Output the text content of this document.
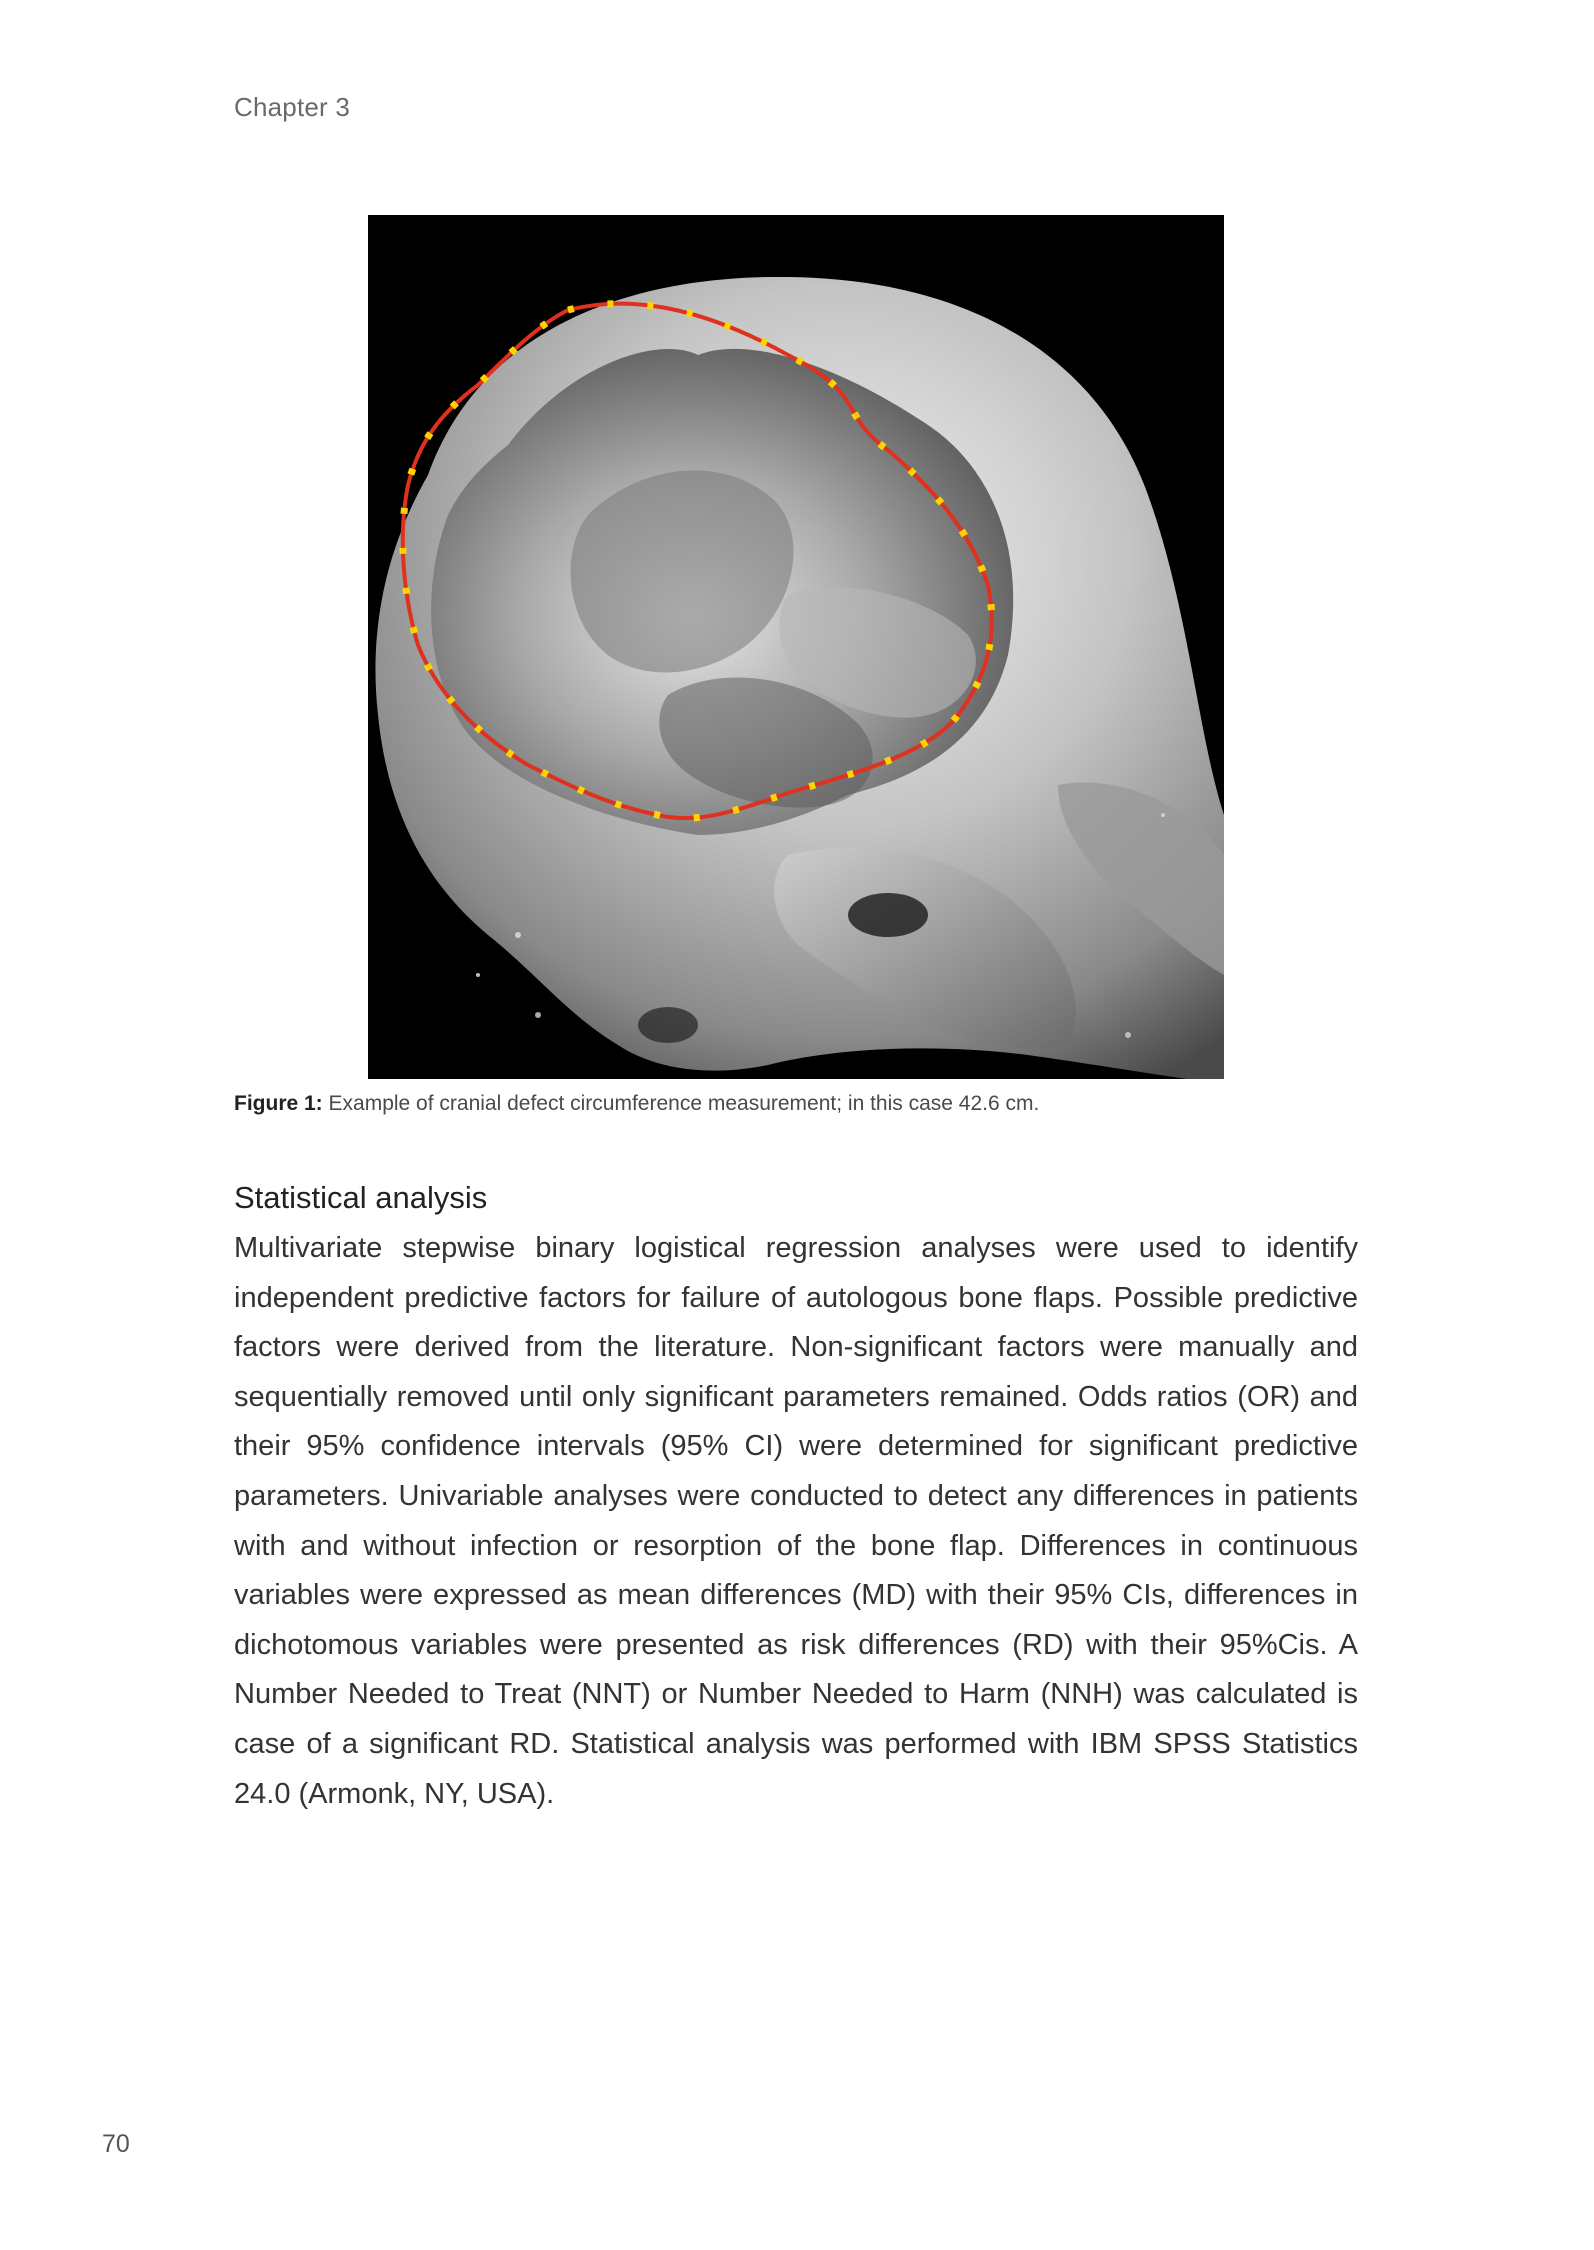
Chapter 3
Figure 1: Example of cranial defect circumference measurement; in this case 42.6 cm.
Statistical analysis
Multivariate stepwise binary logistical regression analyses were used to identify independent predictive factors for failure of autologous bone flaps. Possible predictive factors were derived from the literature. Non-significant factors were manually and sequentially removed until only significant parameters remained. Odds ratios (OR) and their 95% confidence intervals (95% CI) were determined for significant predictive parameters. Univariable analyses were conducted to detect any differences in patients with and without infection or resorption of the bone flap. Differences in continuous variables were expressed as mean differences (MD) with their 95% CIs, differences in dichotomous variables were presented as risk differences (RD) with their 95%Cis. A Number Needed to Treat (NNT) or Number Needed to Harm (NNH) was calculated is case of a significant RD. Statistical analysis was performed with IBM SPSS Statistics 24.0 (Armonk, NY, USA).
70
